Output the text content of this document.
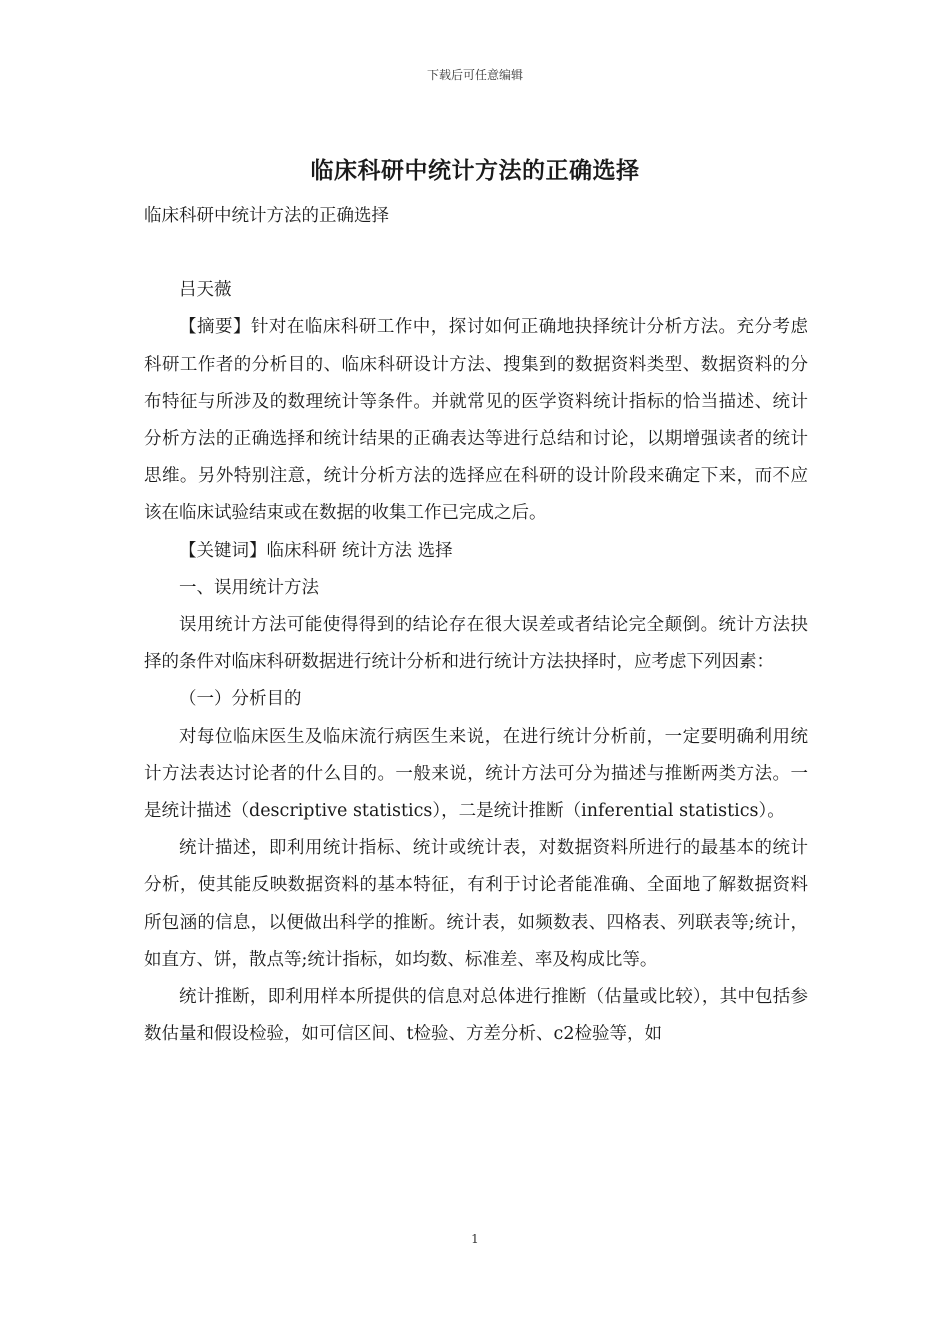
下载后可任意编辑
临床科研中统计方法的正确选择

临床科研中统计方法的正确选择

吕天薇

【摘要】针对在临床科研工作中，探讨如何正确地抉择统计分析方法。充分考虑科研工作者的分析目的、临床科研设计方法、搜集到的数据资料类型、数据资料的分布特征与所涉及的数理统计等条件。并就常见的医学资料统计指标的恰当描述、统计分析方法的正确选择和统计结果的正确表达等进行总结和讨论，以期增强读者的统计思维。另外特别注意，统计分析方法的选择应在科研的设计阶段来确定下来，而不应该在临床试验结束或在数据的收集工作已完成之后。

【关键词】临床科研 统计方法 选择

一、误用统计方法

误用统计方法可能使得得到的结论存在很大误差或者结论完全颠倒。统计方法抉择的条件对临床科研数据进行统计分析和进行统计方法抉择时，应考虑下列因素：

（一）分析目的

对每位临床医生及临床流行病医生来说，在进行统计分析前，一定要明确利用统计方法表达讨论者的什么目的。一般来说，统计方法可分为描述与推断两类方法。一是统计描述（descriptive statistics），二是统计推断（inferential statistics）。

统计描述，即利用统计指标、统计或统计表，对数据资料所进行的最基本的统计分析，使其能反映数据资料的基本特征，有利于讨论者能准确、全面地了解数据资料所包涵的信息，以便做出科学的推断。统计表，如频数表、四格表、列联表等;统计，如直方、饼，散点等;统计指标，如均数、标准差、率及构成比等。

统计推断，即利用样本所提供的信息对总体进行推断（估量或比较），其中包括参数估量和假设检验，如可信区间、t检验、方差分析、c2检验等，如

1
